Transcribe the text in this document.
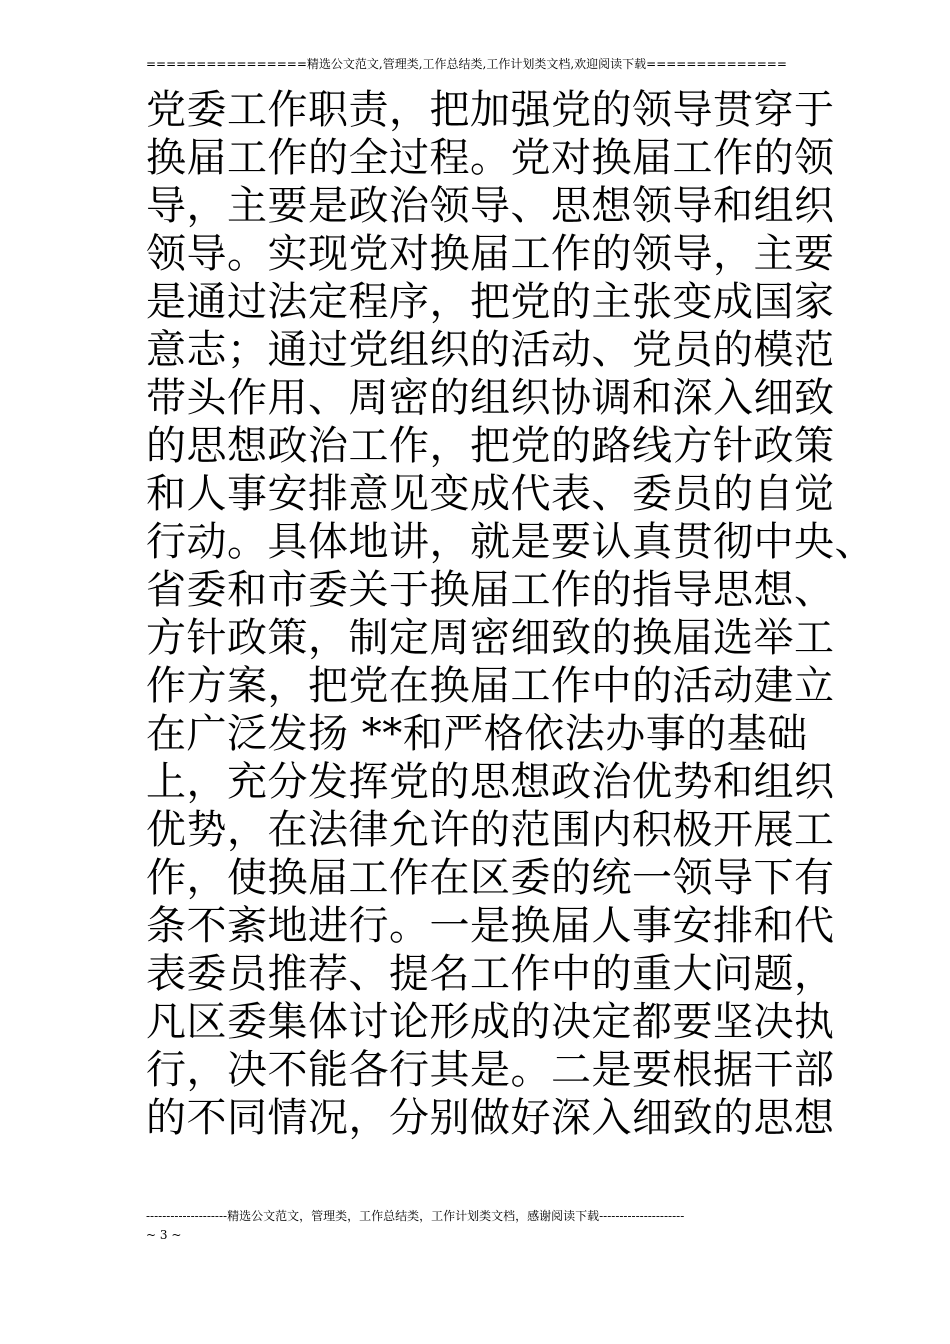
================精选公文范文,管理类,工作总结类,工作计划类文档,欢迎阅读下载==============
党委工作职责，把加强党的领导贯穿于
换届工作的全过程。党对换届工作的领
导，主要是政治领导、思想领导和组织
领导。实现党对换届工作的领导，主要
是通过法定程序，把党的主张变成国家
意志；通过党组织的活动、党员的模范
带头作用、周密的组织协调和深入细致
的思想政治工作，把党的路线方针政策
和人事安排意见变成代表、委员的自觉
行动。具体地讲，就是要认真贯彻中央、
省委和市委关于换届工作的指导思想、
方针政策，制定周密细致的换届选举工
作方案，把党在换届工作中的活动建立
在广泛发扬 **和严格依法办事的基础
上，充分发挥党的思想政治优势和组织
优势，在法律允许的范围内积极开展工
作，使换届工作在区委的统一领导下有
条不紊地进行。一是换届人事安排和代
表委员推荐、提名工作中的重大问题，
凡区委集体讨论形成的决定都要坚决执
行，决不能各行其是。二是要根据干部
的不同情况，分别做好深入细致的思想
--------------------精选公文范文，管理类，工作总结类，工作计划类文档，感谢阅读下载---------------------
~ 3 ~
